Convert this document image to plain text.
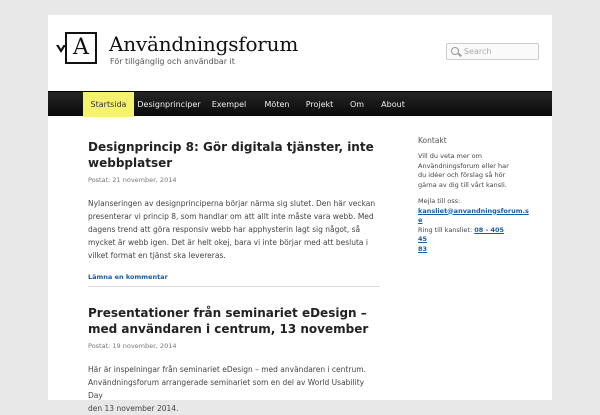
A	Användningsforum
För tillgänglig och användbar it
Search
Startsida	Designprinciper	Exempel	Möten	Projekt	Om	About
Designprincip 8: Gör digitala tjänster, inte
webbplatser
Postat: 21 november, 2014
Nylanseringen av designprinciperna börjar närma sig slutet. Den här veckan
presenterar vi princip 8, som handlar om att allt inte måste vara webb. Med
dagens trend att göra responsiv webb har apphysterin lagt sig något, så
mycket är webb igen. Det är helt okej, bara vi inte börjar med att besluta i
vilket format en tjänst ska levereras.
Lämna en kommentar
Presentationer från seminariet eDesign –
med användaren i centrum, 13 november
Postat: 19 november, 2014
Här är inspelningar från seminariet eDesign – med användaren i centrum.
Användningsforum arrangerade seminariet som en del av World Usability Day
den 13 november 2014.
Kontakt
Vill du veta mer om
Användningsforum eller har
du idéer och förslag så hör
gärna av dig till vårt kansli.
Mejla till oss:
kansliet@anvandningsforum.s
e
Ring till kansliet: 08 - 405 45
83
